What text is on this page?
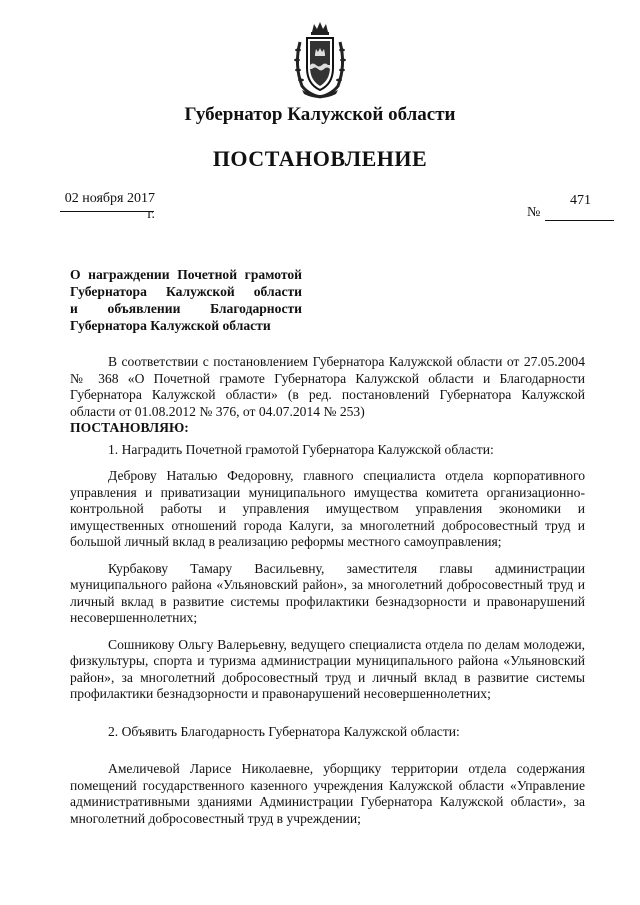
Губернатор Калужской области
ПОСТАНОВЛЕНИЕ
02 ноября 2017 г.	№
471
О награждении Почетной грамотой
Губернатора Калужской области
и объявлении Благодарности
Губернатора Калужской области

В соответствии с постановлением Губернатора Калужской области от 27.05.2004 № 368 «О Почетной грамоте Губернатора Калужской области и Благодарности Губернатора Калужской области» (в ред. постановлений Губернатора Калужской области от 01.08.2012 № 376, от 04.07.2014 № 253)

ПОСТАНОВЛЯЮ:

1. Наградить Почетной грамотой Губернатора Калужской области:

Деброву Наталью Федоровну, главного специалиста отдела корпоративного управления и приватизации муниципального имущества комитета организационно-контрольной работы и управления имуществом управления экономики и имущественных отношений города Калуги, за многолетний добросовестный труд и большой личный вклад в реализацию реформы местного самоуправления;

Курбакову Тамару Васильевну, заместителя главы администрации муниципального района «Ульяновский район», за многолетний добросовестный труд и личный вклад в развитие системы профилактики безнадзорности и правонарушений несовершеннолетних;

Сошникову Ольгу Валерьевну, ведущего специалиста отдела по делам молодежи, физкультуры, спорта и туризма администрации муниципального района «Ульяновский район», за многолетний добросовестный труд и личный вклад в развитие системы профилактики безнадзорности и правонарушений несовершеннолетних;

2. Объявить Благодарность Губернатора Калужской области:

Амеличевой Ларисе Николаевне, уборщику территории отдела содержания помещений государственного казенного учреждения Калужской области «Управление административными зданиями Администрации Губернатора Калужской области», за многолетний добросовестный труд в учреждении;
